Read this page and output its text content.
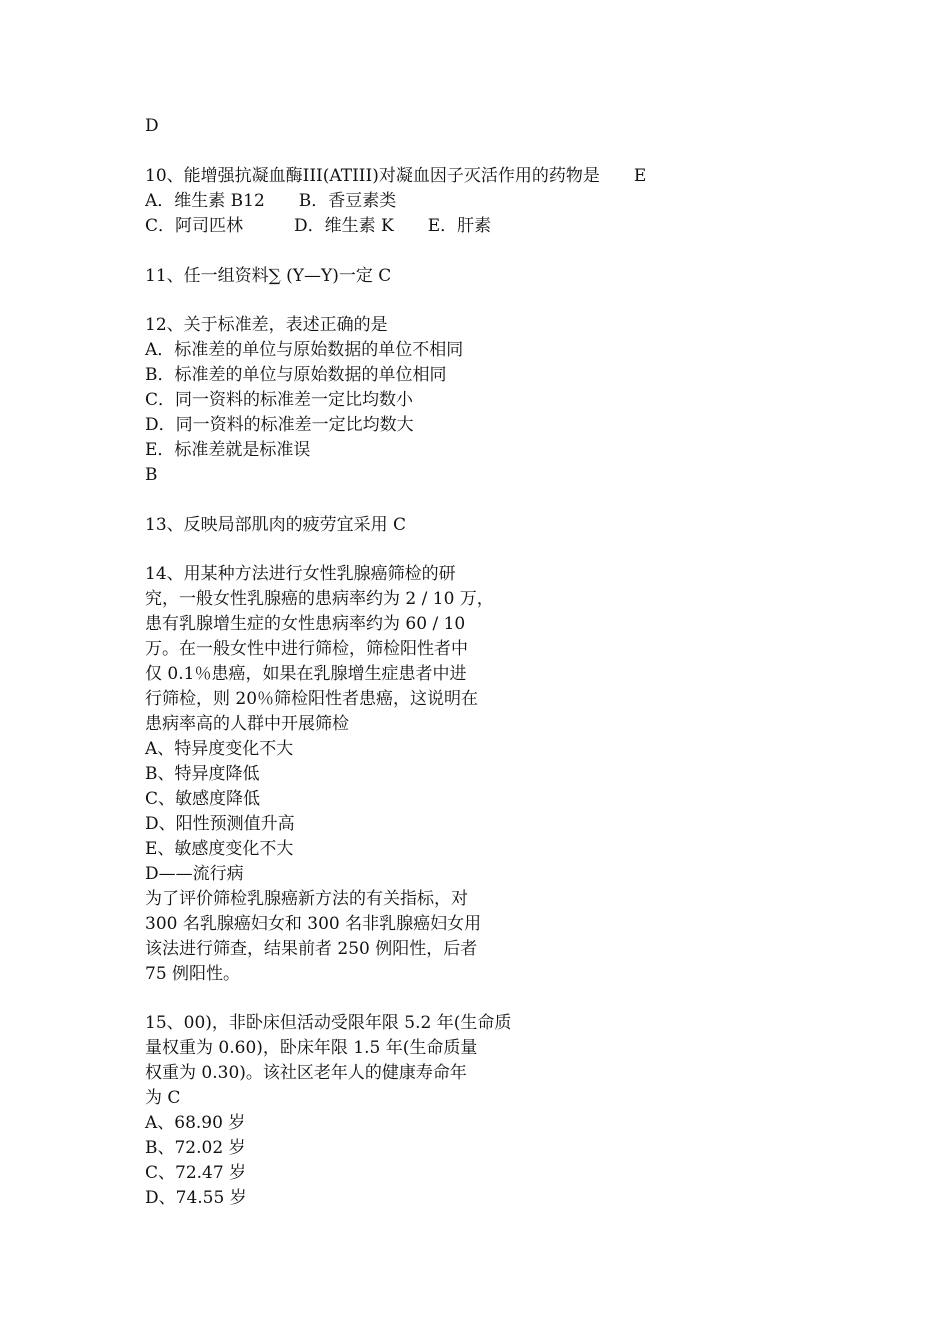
D
10、能增强抗凝血酶III(ATIII)对凝血因子灭活作用的药物是　　E
A．维生素 B12　　B．香豆素类
C．阿司匹林　　　D．维生素 K　　E．肝素
11、任一组资料∑ (Y—Y)一定 C
12、关于标准差，表述正确的是
A．标准差的单位与原始数据的单位不相同
B．标准差的单位与原始数据的单位相同
C．同一资料的标准差一定比均数小
D．同一资料的标准差一定比均数大
E．标准差就是标准误
B
13、反映局部肌肉的疲劳宜采用 C
14、用某种方法进行女性乳腺癌筛检的研
究，一般女性乳腺癌的患病率约为 2 / 10 万，
患有乳腺增生症的女性患病率约为 60 / 10
万。在一般女性中进行筛检，筛检阳性者中
仅 0.1％患癌，如果在乳腺增生症患者中进
行筛检，则 20％筛检阳性者患癌，这说明在
患病率高的人群中开展筛检
A、特异度变化不大
B、特异度降低
C、敏感度降低
D、阳性预测值升高
E、敏感度变化不大
D——流行病
为了评价筛检乳腺癌新方法的有关指标，对
300 名乳腺癌妇女和 300 名非乳腺癌妇女用
该法进行筛查，结果前者 250 例阳性，后者
75 例阳性。
15、00)，非卧床但活动受限年限 5.2 年(生命质
量权重为 0.60)，卧床年限 1.5 年(生命质量
权重为 0.30)。该社区老年人的健康寿命年
为 C
A、68.90 岁
B、72.02 岁
C、72.47 岁
D、74.55 岁
